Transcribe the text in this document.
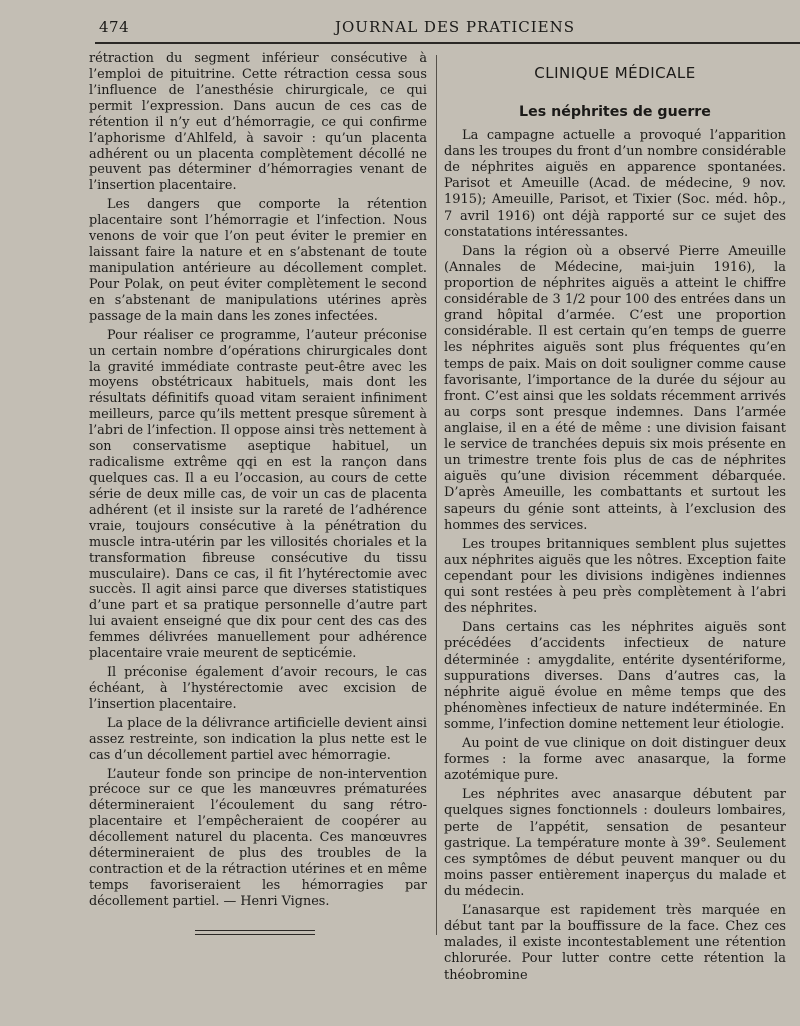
474	JOURNAL DES PRATICIENS

rétraction du segment inférieur consécutive à l’emploi de pituitrine. Cette rétraction cessa sous l’influence de l’anesthésie chirurgicale, ce qui permit l’expression. Dans aucun de ces cas de rétention il n’y eut d’hémorragie, ce qui confirme l’aphorisme d’Ahlfeld, à savoir : qu’un placenta adhérent ou un placenta complètement décollé ne peuvent pas déterminer d’hémorragies venant de l’insertion placentaire.

Les dangers que comporte la rétention placentaire sont l’hémorragie et l’infection. Nous venons de voir que l’on peut éviter le premier en laissant faire la nature et en s’abstenant de toute manipulation antérieure au décollement complet. Pour Polak, on peut éviter complètement le second en s’abstenant de manipulations utérines après passage de la main dans les zones infectées.

Pour réaliser ce programme, l’auteur préconise un certain nombre d’opérations chirurgicales dont la gravité immédiate contraste peut-être avec les moyens obstétricaux habituels, mais dont les résultats définitifs quoad vitam seraient infiniment meilleurs, parce qu’ils mettent presque sûrement à l’abri de l’infection. Il oppose ainsi très nettement à son conservatisme aseptique habituel, un radicalisme extrême qqi en est la rançon dans quelques cas. Il a eu l’occasion, au cours de cette série de deux mille cas, de voir un cas de placenta adhérent (et il insiste sur la rareté de l’adhérence vraie, toujours consécutive à la pénétration du muscle intra-utérin par les villosités choriales et la transformation fibreuse consécutive du tissu musculaire). Dans ce cas, il fit l’hytérectomie avec succès. Il agit ainsi parce que diverses statistiques d’une part et sa pratique personnelle d’autre part lui avaient enseigné que dix pour cent des cas des femmes délivrées manuellement pour adhérence placentaire vraie meurent de septicémie.

Il préconise également d’avoir recours, le cas échéant, à l’hystérectomie avec excision de l’insertion placentaire.

La place de la délivrance artificielle devient ainsi assez restreinte, son indication la plus nette est le cas d’un décollement partiel avec hémorragie.

L’auteur fonde son principe de non-intervention précoce sur ce que les manœuvres prématurées détermineraient l’écoulement du sang rétro-placentaire et l’empêcheraient de coopérer au décollement naturel du placenta. Ces manœuvres détermineraient de plus des troubles de la contraction et de la rétraction utérines et en même temps favoriseraient les hémorragies par décollement partiel. — Henri Vignes.

CLINIQUE MÉDICALE
Les néphrites de guerre

La campagne actuelle a provoqué l’apparition dans les troupes du front d’un nombre considérable de néphrites aiguës en apparence spontanées. Parisot et Ameuille (Acad. de médecine, 9 nov. 1915); Ameuille, Parisot, et Tixier (Soc. méd. hôp., 7 avril 1916) ont déjà rapporté sur ce sujet des constatations intéressantes.

Dans la région où a observé Pierre Ameuille (Annales de Médecine, mai-juin 1916), la proportion de néphrites aiguës a atteint le chiffre considérable de 3 1/2 pour 100 des entrées dans un grand hôpital d’armée. C’est une proportion considérable. Il est certain qu’en temps de guerre les néphrites aiguës sont plus fréquentes qu’en temps de paix. Mais on doit souligner comme cause favorisante, l’importance de la durée du séjour au front. C’est ainsi que les soldats récemment arrivés au corps sont presque indemnes. Dans l’armée anglaise, il en a été de même : une division faisant le service de tranchées depuis six mois présente en un trimestre trente fois plus de cas de néphrites aiguës qu’une division récemment débarquée. D’après Ameuille, les combattants et surtout les sapeurs du génie sont atteints, à l’exclusion des hommes des services.

Les troupes britanniques semblent plus sujettes aux néphrites aiguës que les nôtres. Exception faite cependant pour les divisions indigènes indiennes qui sont restées à peu près complètement à l’abri des néphrites.

Dans certains cas les néphrites aiguës sont précédées d’accidents infectieux de nature déterminée : amygdalite, entérite dysentériforme, suppurations diverses. Dans d’autres cas, la néphrite aiguë évolue en même temps que des phénomènes infectieux de nature indéterminée. En somme, l’infection domine nettement leur étiologie.

Au point de vue clinique on doit distinguer deux formes : la forme avec anasarque, la forme azotémique pure.

Les néphrites avec anasarque débutent par quelques signes fonctionnels : douleurs lombaires, perte de l’appétit, sensation de pesanteur gastrique. La température monte à 39°. Seulement ces symptômes de début peuvent manquer ou du moins passer entièrement inaperçus du malade et du médecin.

L’anasarque est rapidement très marquée en début tant par la bouffissure de la face. Chez ces malades, il existe incontestablement une rétention chlorurée. Pour lutter contre cette rétention la théobromine
